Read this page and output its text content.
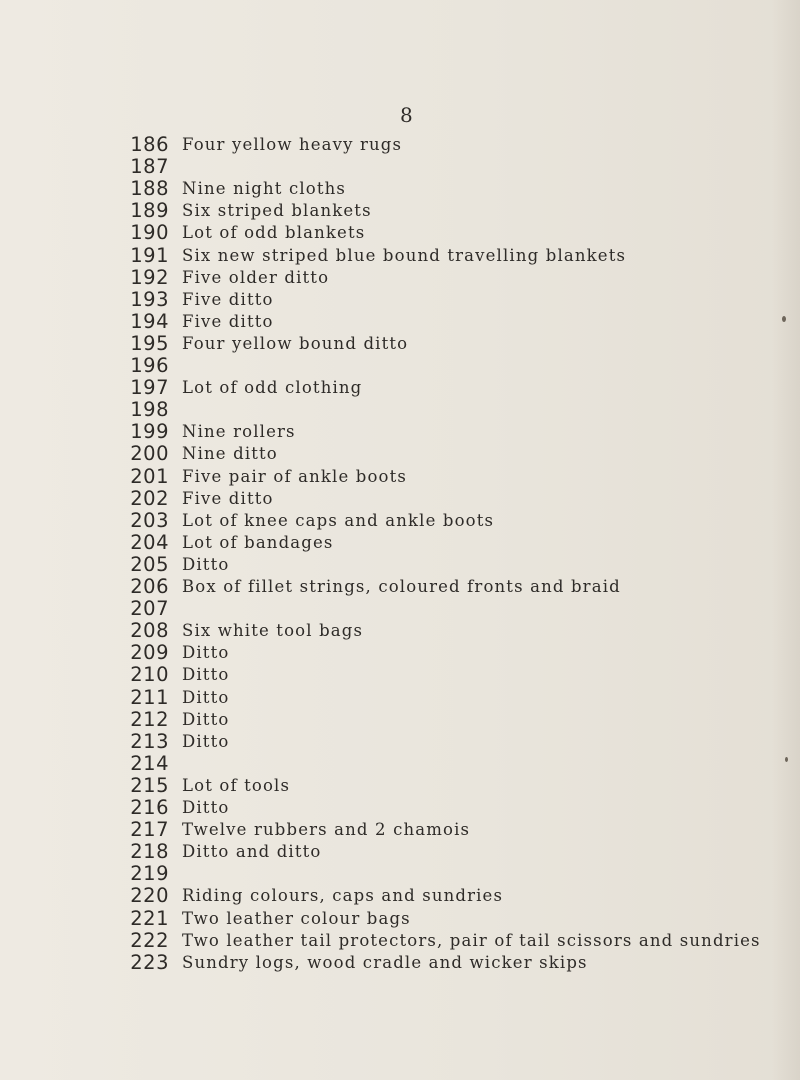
8
186 Four yellow heavy rugs
187
188 Nine night cloths
189 Six striped blankets
190 Lot of odd blankets
191 Six new striped blue bound travelling blankets
192 Five older ditto
193 Five ditto
194 Five ditto
195 Four yellow bound ditto
196
197 Lot of odd clothing
198
199 Nine rollers
200 Nine ditto
201 Five pair of ankle boots
202 Five ditto
203 Lot of knee caps and ankle boots
204 Lot of bandages
205 Ditto
206 Box of fillet strings, coloured fronts and braid
207
208 Six white tool bags
209 Ditto
210 Ditto
211 Ditto
212 Ditto
213 Ditto
214
215 Lot of tools
216 Ditto
217 Twelve rubbers and 2 chamois
218 Ditto and ditto
219
220 Riding colours, caps and sundries
221 Two leather colour bags
222 Two leather tail protectors, pair of tail scissors and sundries
223 Sundry logs, wood cradle and wicker skips
